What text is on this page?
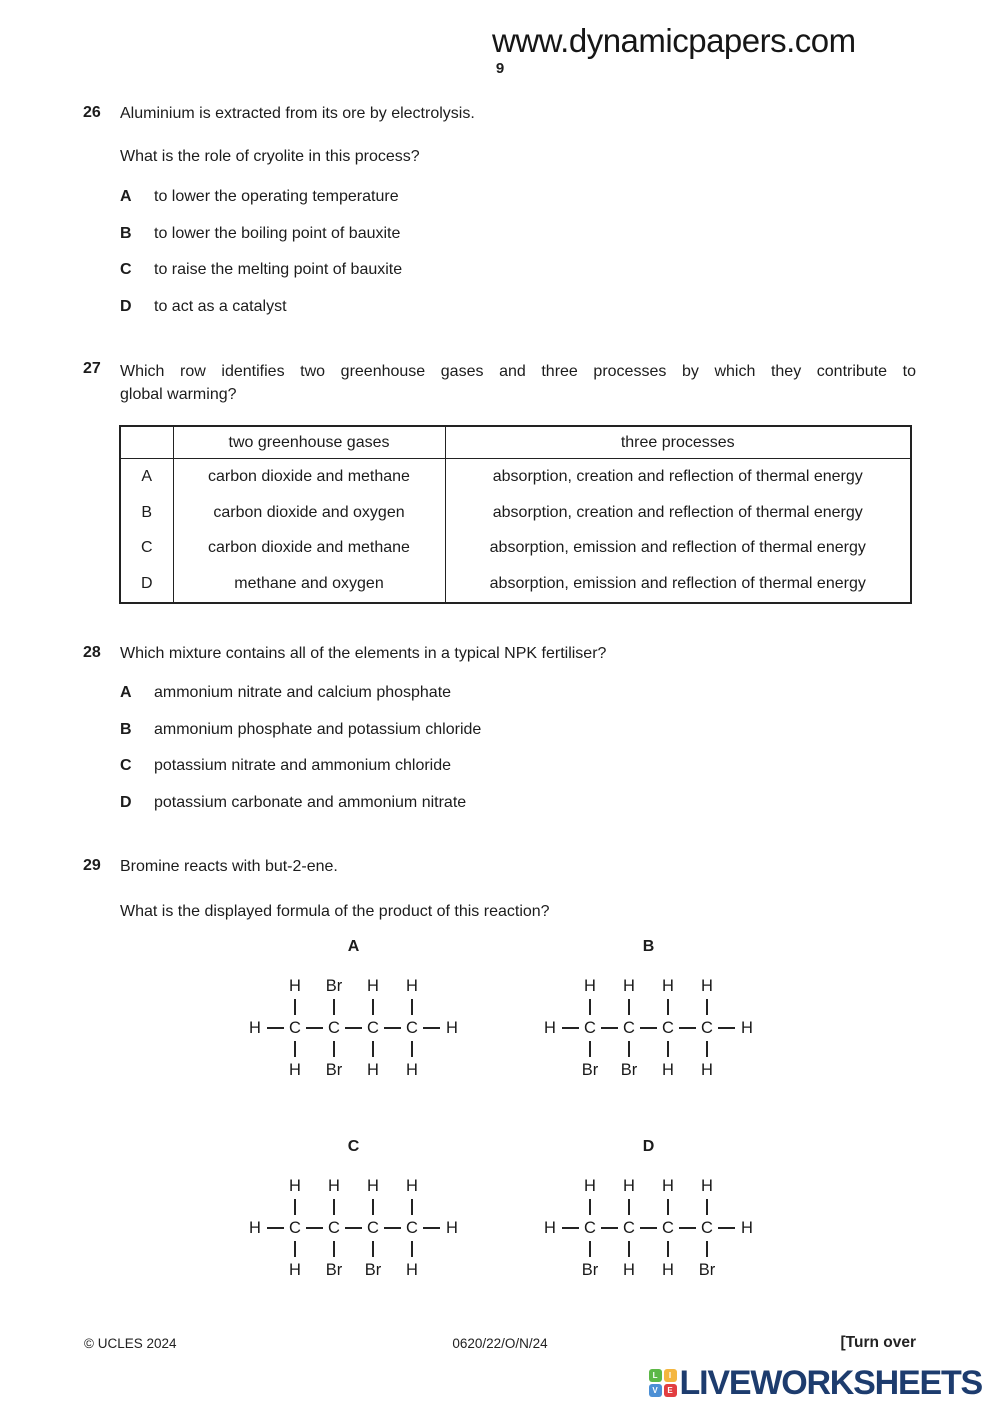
www.dynamicpapers.com
9
26 Aluminium is extracted from its ore by electrolysis.

What is the role of cryolite in this process?

A to lower the operating temperature
B to lower the boiling point of bauxite
C to raise the melting point of bauxite
D to act as a catalyst
27 Which row identifies two greenhouse gases and three processes by which they contribute to
global warming?
	two greenhouse gases	three processes
A	carbon dioxide and methane	absorption, creation and reflection of thermal energy
B	carbon dioxide and oxygen	absorption, creation and reflection of thermal energy
C	carbon dioxide and methane	absorption, emission and reflection of thermal energy
D	methane and oxygen	absorption, emission and reflection of thermal energy
28 Which mixture contains all of the elements in a typical NPK fertiliser?

A ammonium nitrate and calcium phosphate
B ammonium phosphate and potassium chloride
C potassium nitrate and ammonium chloride
D potassium carbonate and ammonium nitrate
29 Bromine reacts with but-2-ene.

What is the displayed formula of the product of this reaction?

A
H	Br	H	H
H	C	C	C	C	H
H	Br	H	H
B
H	H	H	H
H	C	C	C	C	H
Br Br	H	H
C
H	H	H	H
H	C	C	C	C	H
H	Br Br	H
D
H	H	H	H
H	C	C	C	C	H
Br	H	H	Br
© UCLES 2024	0620/22/O/N/24	[Turn over
L	I
V	E LIVEWORKSHEETS
